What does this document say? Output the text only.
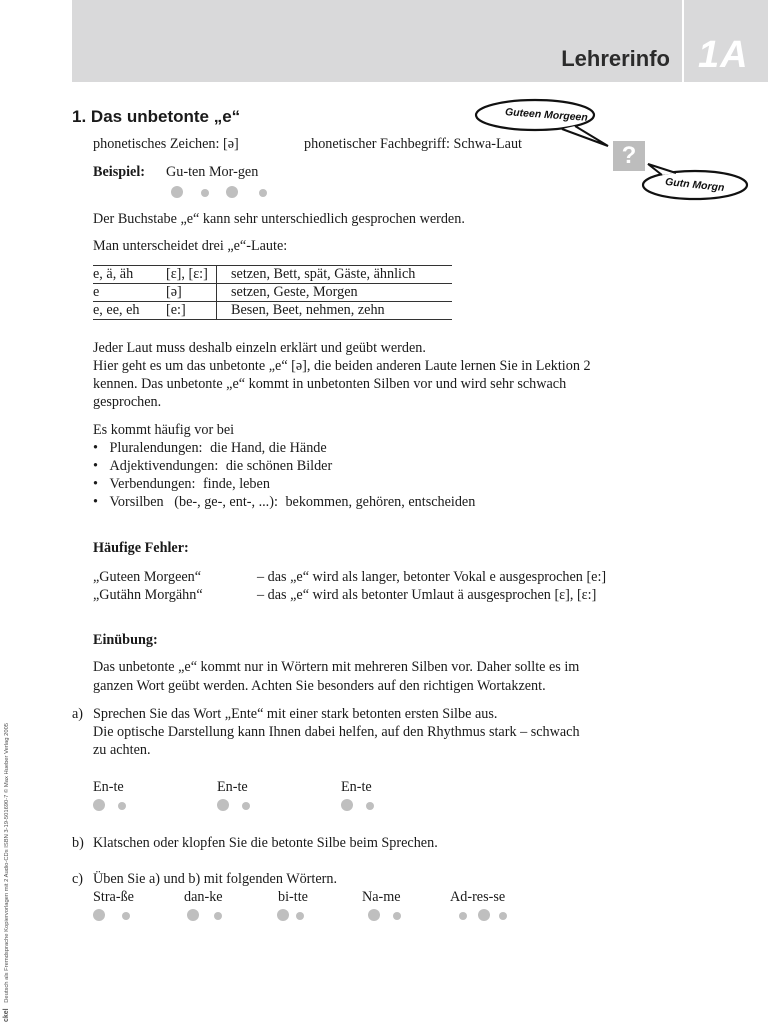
Lehrerinfo 1A
1. Das unbetonte „e“
phonetisches Zeichen: [ə]	phonetischer Fachbegriff: Schwa-Laut
Beispiel: Gu-ten Mor-gen
Guteen Morgeen
Gutn Morgn
?
Der Buchstabe „e“ kann sehr unterschiedlich gesprochen werden.
Man unterscheidet drei „e“-Laute:
e, ä, äh	[ɛ], [ɛ:]	setzen, Bett, spät, Gäste, ähnlich
e	[ə]	setzen, Geste, Morgen
e, ee, eh	[e:]	Besen, Beet, nehmen, zehn
Jeder Laut muss deshalb einzeln erklärt und geübt werden.
Hier geht es um das unbetonte „e“ [ə], die beiden anderen Laute lernen Sie in Lektion 2
kennen. Das unbetonte „e“ kommt in unbetonten Silben vor und wird sehr schwach
gesprochen.
Es kommt häufig vor bei
• Pluralendungen: die Hand, die Hände
• Adjektivendungen: die schönen Bilder
• Verbendungen: finde, leben
• Vorsilben   (be-, ge-, ent-, ...): bekommen, gehören, entscheiden
Häufige Fehler:
„Guteen Morgeen“	– das „e“ wird als langer, betonter Vokal e ausgesprochen [e:]
„Gutähn Morgähn“	– das „e“ wird als betonter Umlaut ä ausgesprochen [ɛ], [ɛ:]
Einübung:
Das unbetonte „e“ kommt nur in Wörtern mit mehreren Silben vor. Daher sollte es im
ganzen Wort geübt werden. Achten Sie besonders auf den richtigen Wortakzent.
a) Sprechen Sie das Wort „Ente“ mit einer stark betonten ersten Silbe aus.
Die optische Darstellung kann Ihnen dabei helfen, auf den Rhythmus stark – schwach
zu achten.
En-te	En-te	En-te
b) Klatschen oder klopfen Sie die betonte Silbe beim Sprechen.
c) Üben Sie a) und b) mit folgenden Wörtern.
Stra-ße	dan-ke	bi-tte	Na-me	Ad-res-se
ckel Deutsch als Fremdsprache Kopiervorlagen mit 2 Audio-CDs ISBN 3-19-501690-7 © Max Hueber Verlag 2005
